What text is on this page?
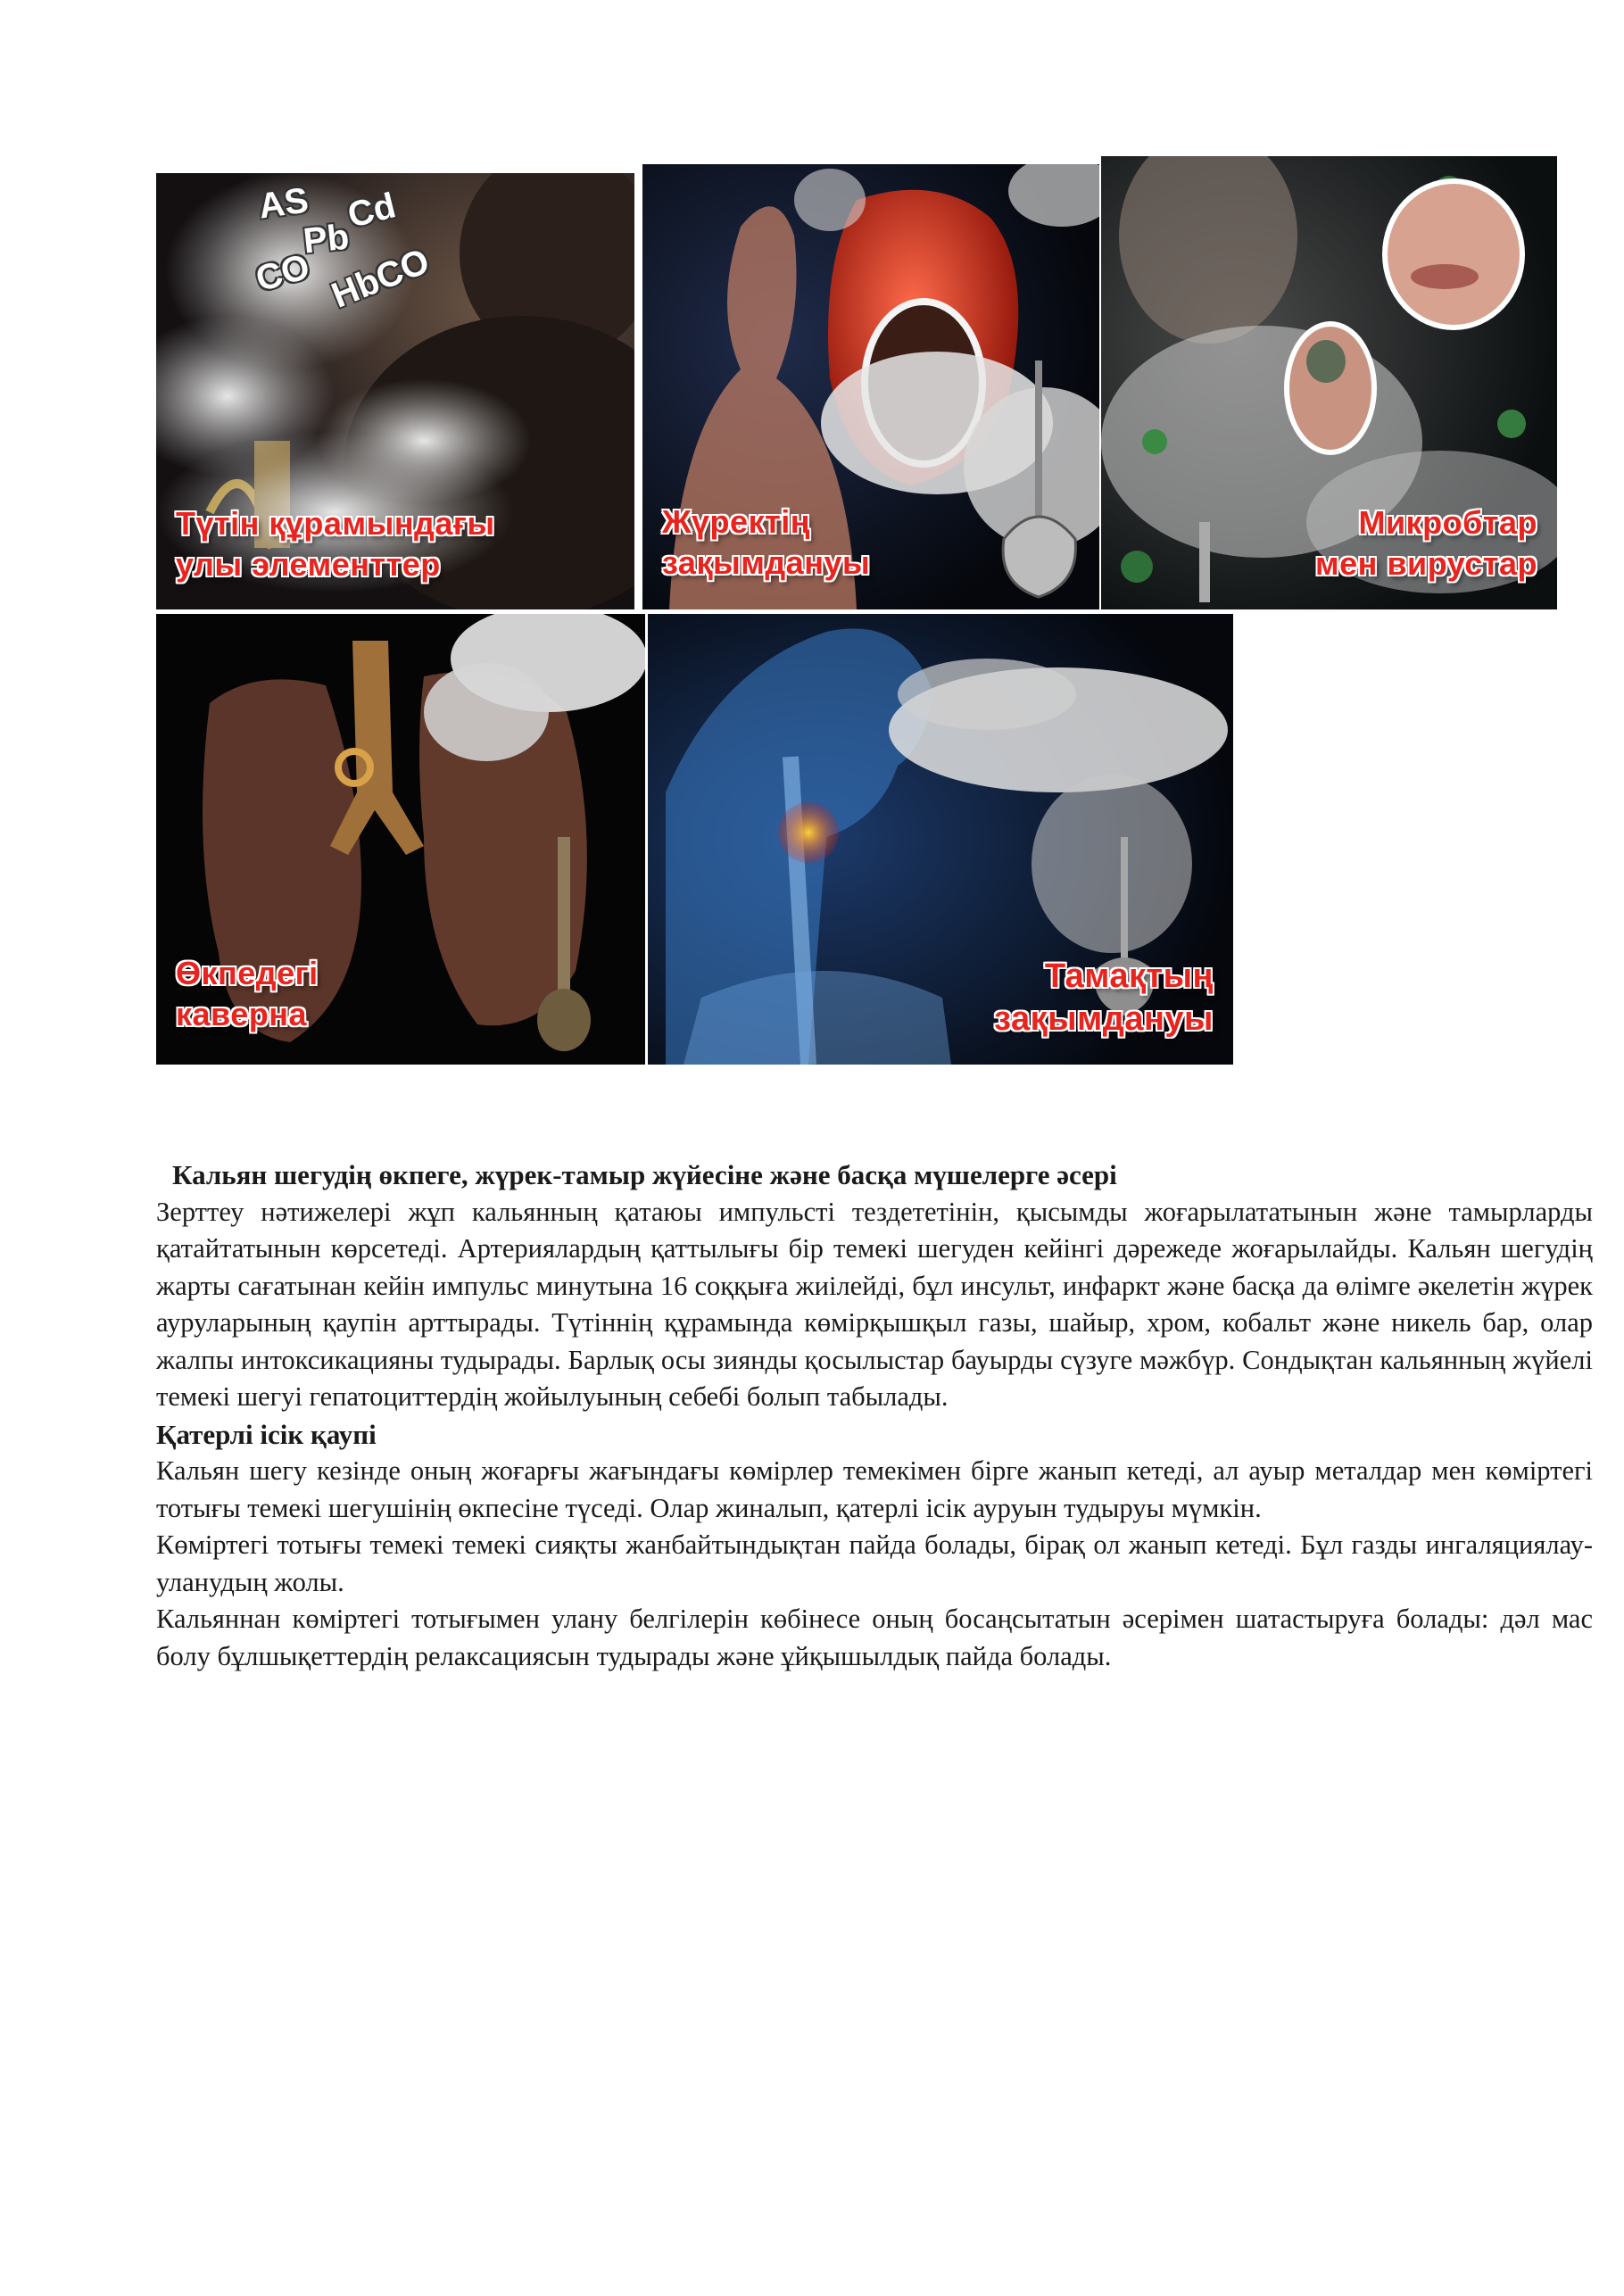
AS Cd
Pb
CO HbCO
Түтін құрамындағы
улы элементтер
Жүректің
зақымдануы
Микробтар
мен вирустар
Өкпедегі
каверна
Тамақтың
зақымдануы
Кальян шегудің өкпеге, жүрек-тамыр жүйесіне және басқа мүшелерге әсері

Зерттеу нәтижелері жұп кальянның қатаюы импульсті тездететінін, қысымды жоғарылататынын және тамырларды қатайтатынын көрсетеді. Артериялардың қаттылығы бір темекі шегуден кейінгі дәрежеде жоғарылайды. Кальян шегудің жарты сағатынан кейін импульс минутына 16 соққыға жиілейді, бұл инсульт, инфаркт және басқа да өлімге әкелетін жүрек ауруларының қаупін арттырады. Түтіннің құрамында көмірқышқыл газы, шайыр, хром, кобальт және никель бар, олар жалпы интоксикацияны тудырады. Барлық осы зиянды қосылыстар бауырды сүзуге мәжбүр. Сондықтан кальянның жүйелі темекі шегуі гепатоциттердің жойылуының себебі болып табылады.

Қатерлі ісік қаупі

Кальян шегу кезінде оның жоғарғы жағындағы көмірлер темекімен бірге жанып кетеді, ал ауыр металдар мен көміртегі тотығы темекі шегушінің өкпесіне түседі. Олар жиналып, қатерлі ісік ауруын тудыруы мүмкін.

Көміртегі тотығы темекі темекі сияқты жанбайтындықтан пайда болады, бірақ ол жанып кетеді. Бұл газды ингаляциялау-уланудың жолы.

Кальяннан көміртегі тотығымен улану белгілерін көбінесе оның босаңсытатын әсерімен шатастыруға болады: дәл мас болу бұлшықеттердің релаксациясын тудырады және ұйқышылдық пайда болады.
